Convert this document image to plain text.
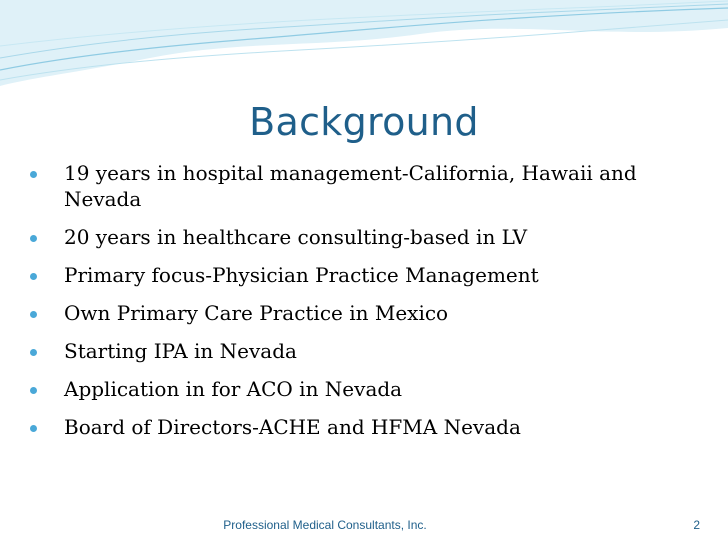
Background
19 years in hospital management-California, Hawaii and Nevada
20 years in healthcare consulting-based in LV
Primary focus-Physician Practice Management
Own Primary Care Practice in Mexico
Starting IPA in Nevada
Application in for ACO in Nevada
Board of Directors-ACHE and HFMA Nevada
Professional Medical Consultants, Inc.	2
